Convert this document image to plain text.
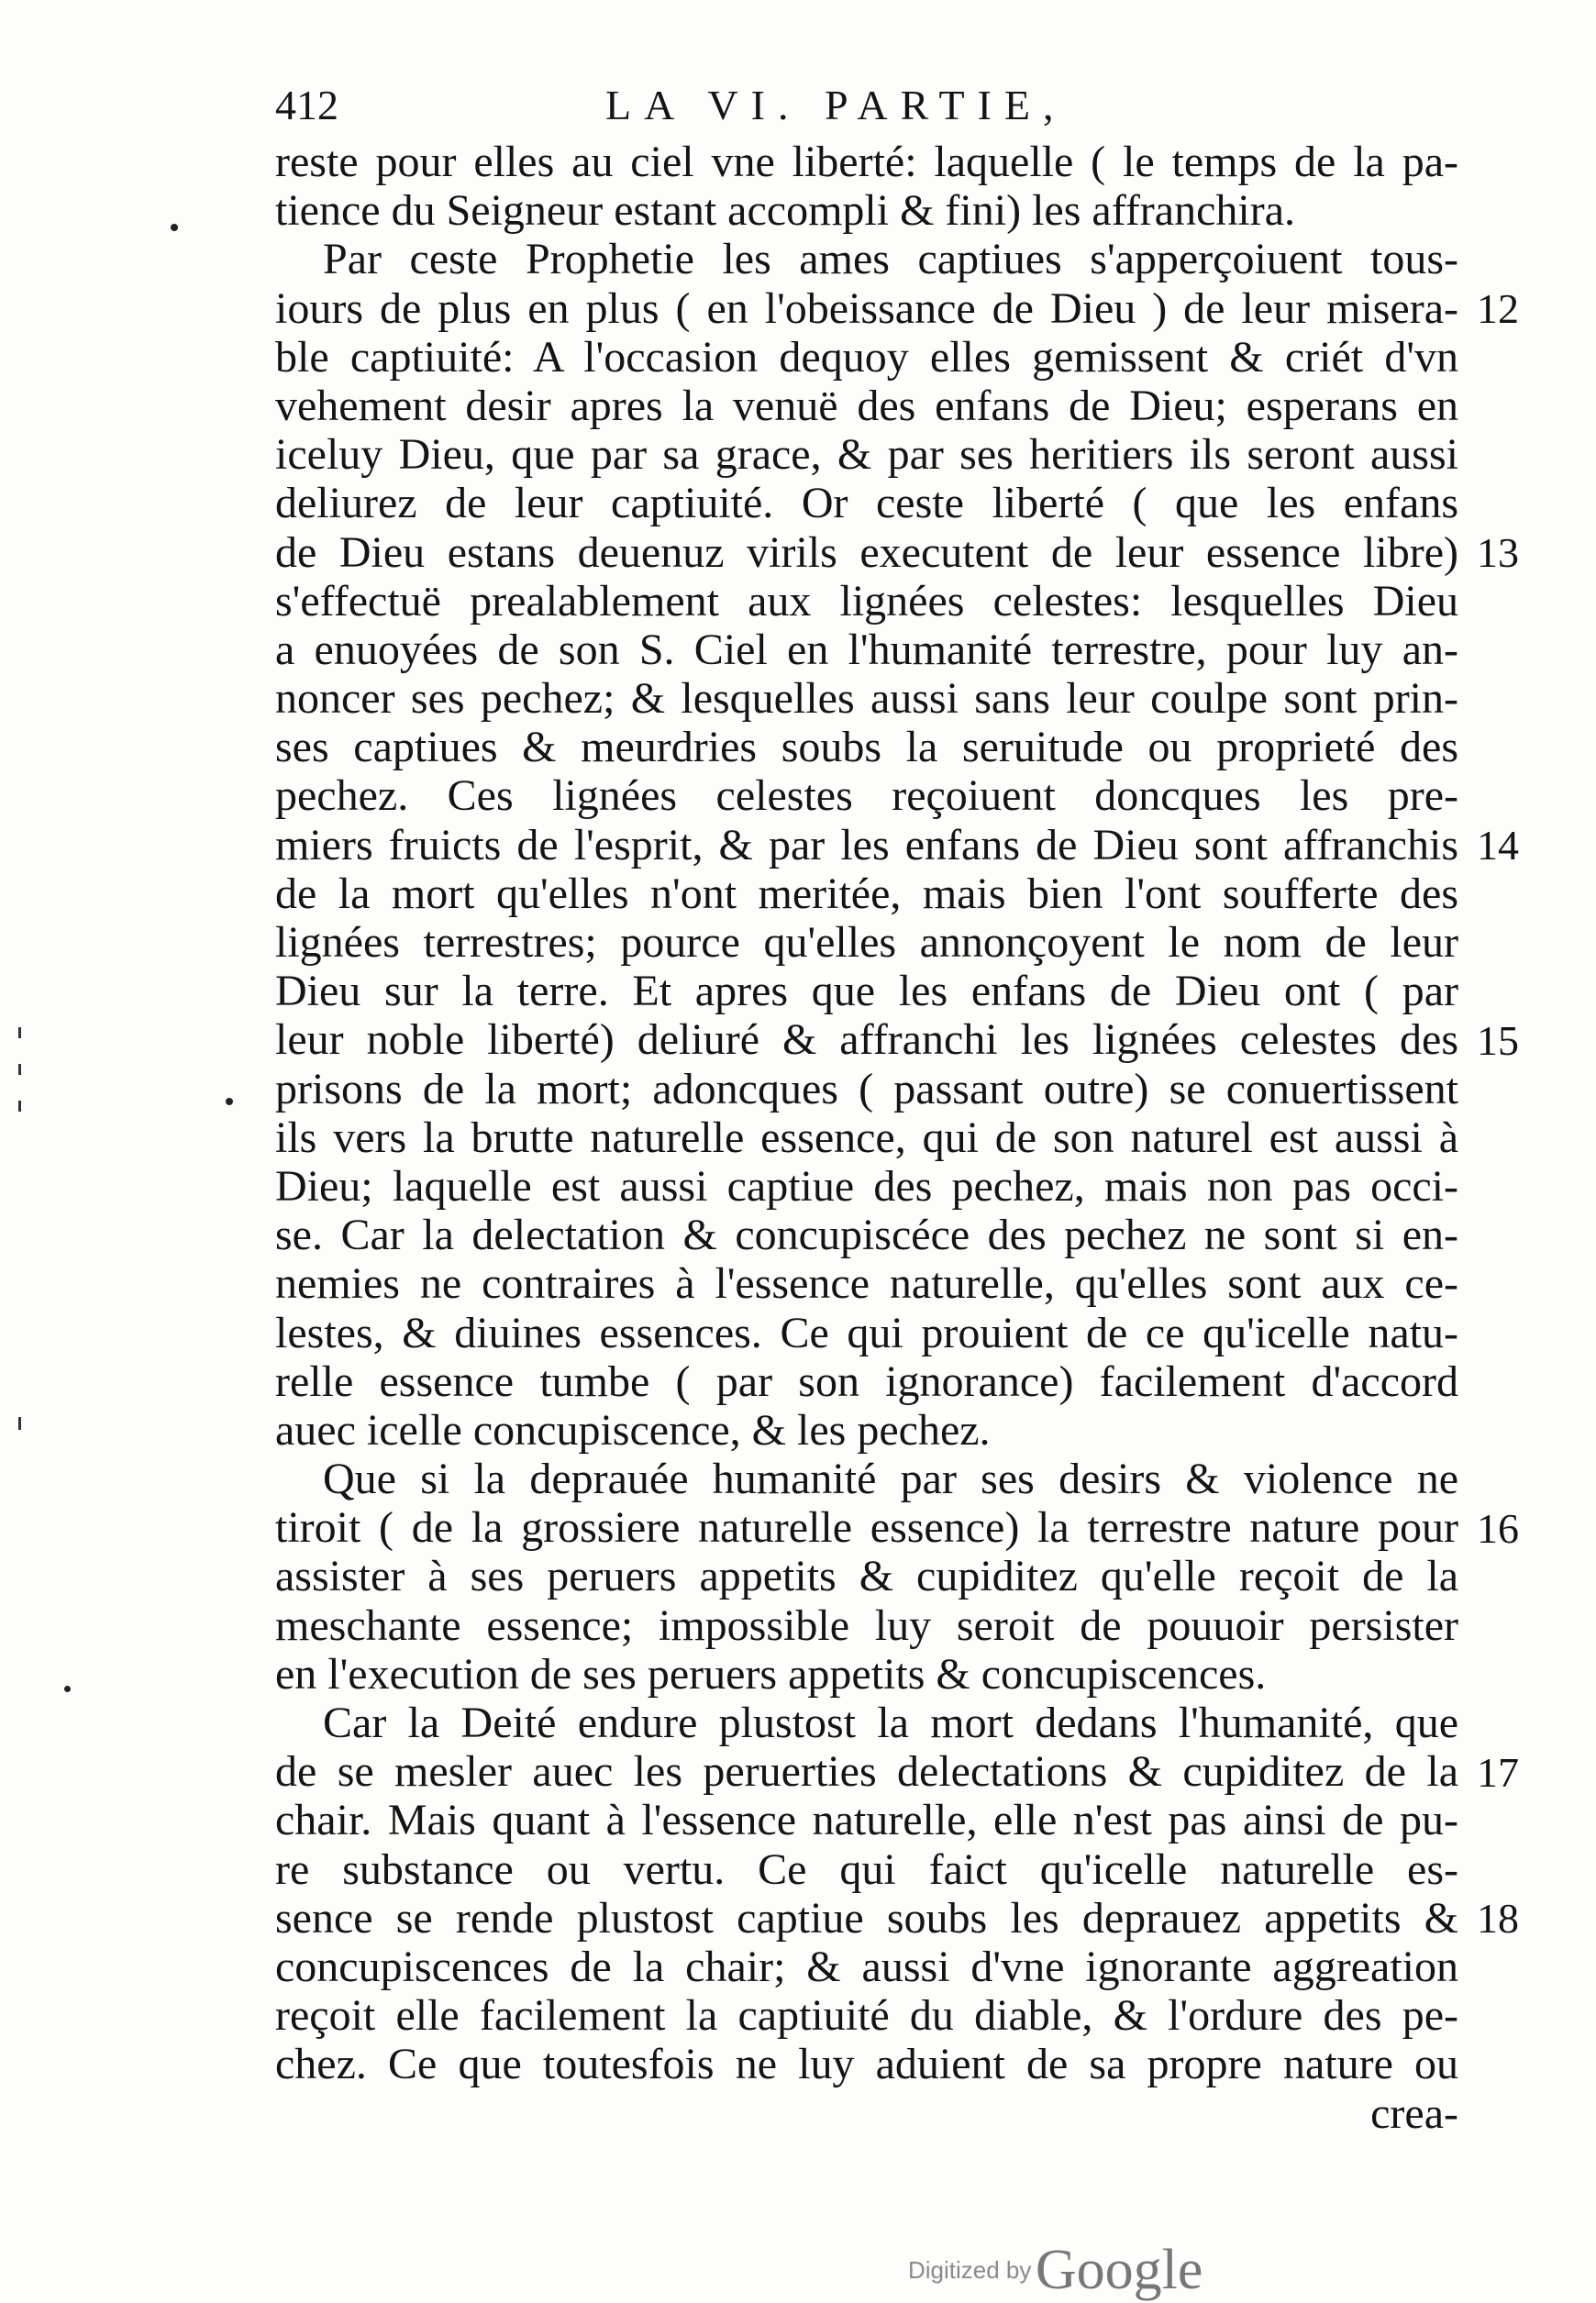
412	LA VI. PARTIE,
reste pour elles au ciel vne liberté: laquelle ( le temps de la pa-
tience du Seigneur estant accompli & fini) les affranchira.
Par ceste Prophetie les ames captiues s'apperçoiuent tous-
iours de plus en plus ( en l'obeissance de Dieu ) de leur misera-
ble captiuité: A l'occasion dequoy elles gemissent & criét d'vn
vehement desir apres la venuë des enfans de Dieu; esperans en
iceluy Dieu, que par sa grace, & par ses heritiers ils seront aussi
deliurez de leur captiuité. Or ceste liberté ( que les enfans
de Dieu estans deuenuz virils executent de leur essence libre)
s'effectuë prealablement aux lignées celestes: lesquelles Dieu
a enuoyées de son S. Ciel en l'humanité terrestre, pour luy an-
noncer ses pechez; & lesquelles aussi sans leur coulpe sont prin-
ses captiues & meurdries soubs la seruitude ou proprieté des
pechez. Ces lignées celestes reçoiuent doncques les pre-
miers fruicts de l'esprit, & par les enfans de Dieu sont affranchis
de la mort qu'elles n'ont meritée, mais bien l'ont soufferte des
lignées terrestres; pource qu'elles annonçoyent le nom de leur
Dieu sur la terre. Et apres que les enfans de Dieu ont ( par
leur noble liberté) deliuré & affranchi les lignées celestes des
prisons de la mort; adoncques ( passant outre) se conuertissent
ils vers la brutte naturelle essence, qui de son naturel est aussi à
Dieu; laquelle est aussi captiue des pechez, mais non pas occi-
se. Car la delectation & concupiscéce des pechez ne sont si en-
nemies ne contraires à l'essence naturelle, qu'elles sont aux ce-
lestes, & diuines essences. Ce qui prouient de ce qu'icelle natu-
relle essence tumbe ( par son ignorance) facilement d'accord
auec icelle concupiscence, & les pechez.
Que si la deprauée humanité par ses desirs & violence ne
tiroit ( de la grossiere naturelle essence) la terrestre nature pour
assister à ses peruers appetits & cupiditez qu'elle reçoit de la
meschante essence; impossible luy seroit de pouuoir persister
en l'execution de ses peruers appetits & concupiscences.
Car la Deité endure plustost la mort dedans l'humanité, que
de se mesler auec les peruerties delectations & cupiditez de la
chair. Mais quant à l'essence naturelle, elle n'est pas ainsi de pu-
re substance ou vertu. Ce qui faict qu'icelle naturelle es-
sence se rende plustost captiue soubs les deprauez appetits &
concupiscences de la chair; & aussi d'vne ignorante aggreation
reçoit elle facilement la captiuité du diable, & l'ordure des pe-
chez. Ce que toutesfois ne luy aduient de sa propre nature ou
crea-
12
13
14
15
16
17
18
Digitized by Google
